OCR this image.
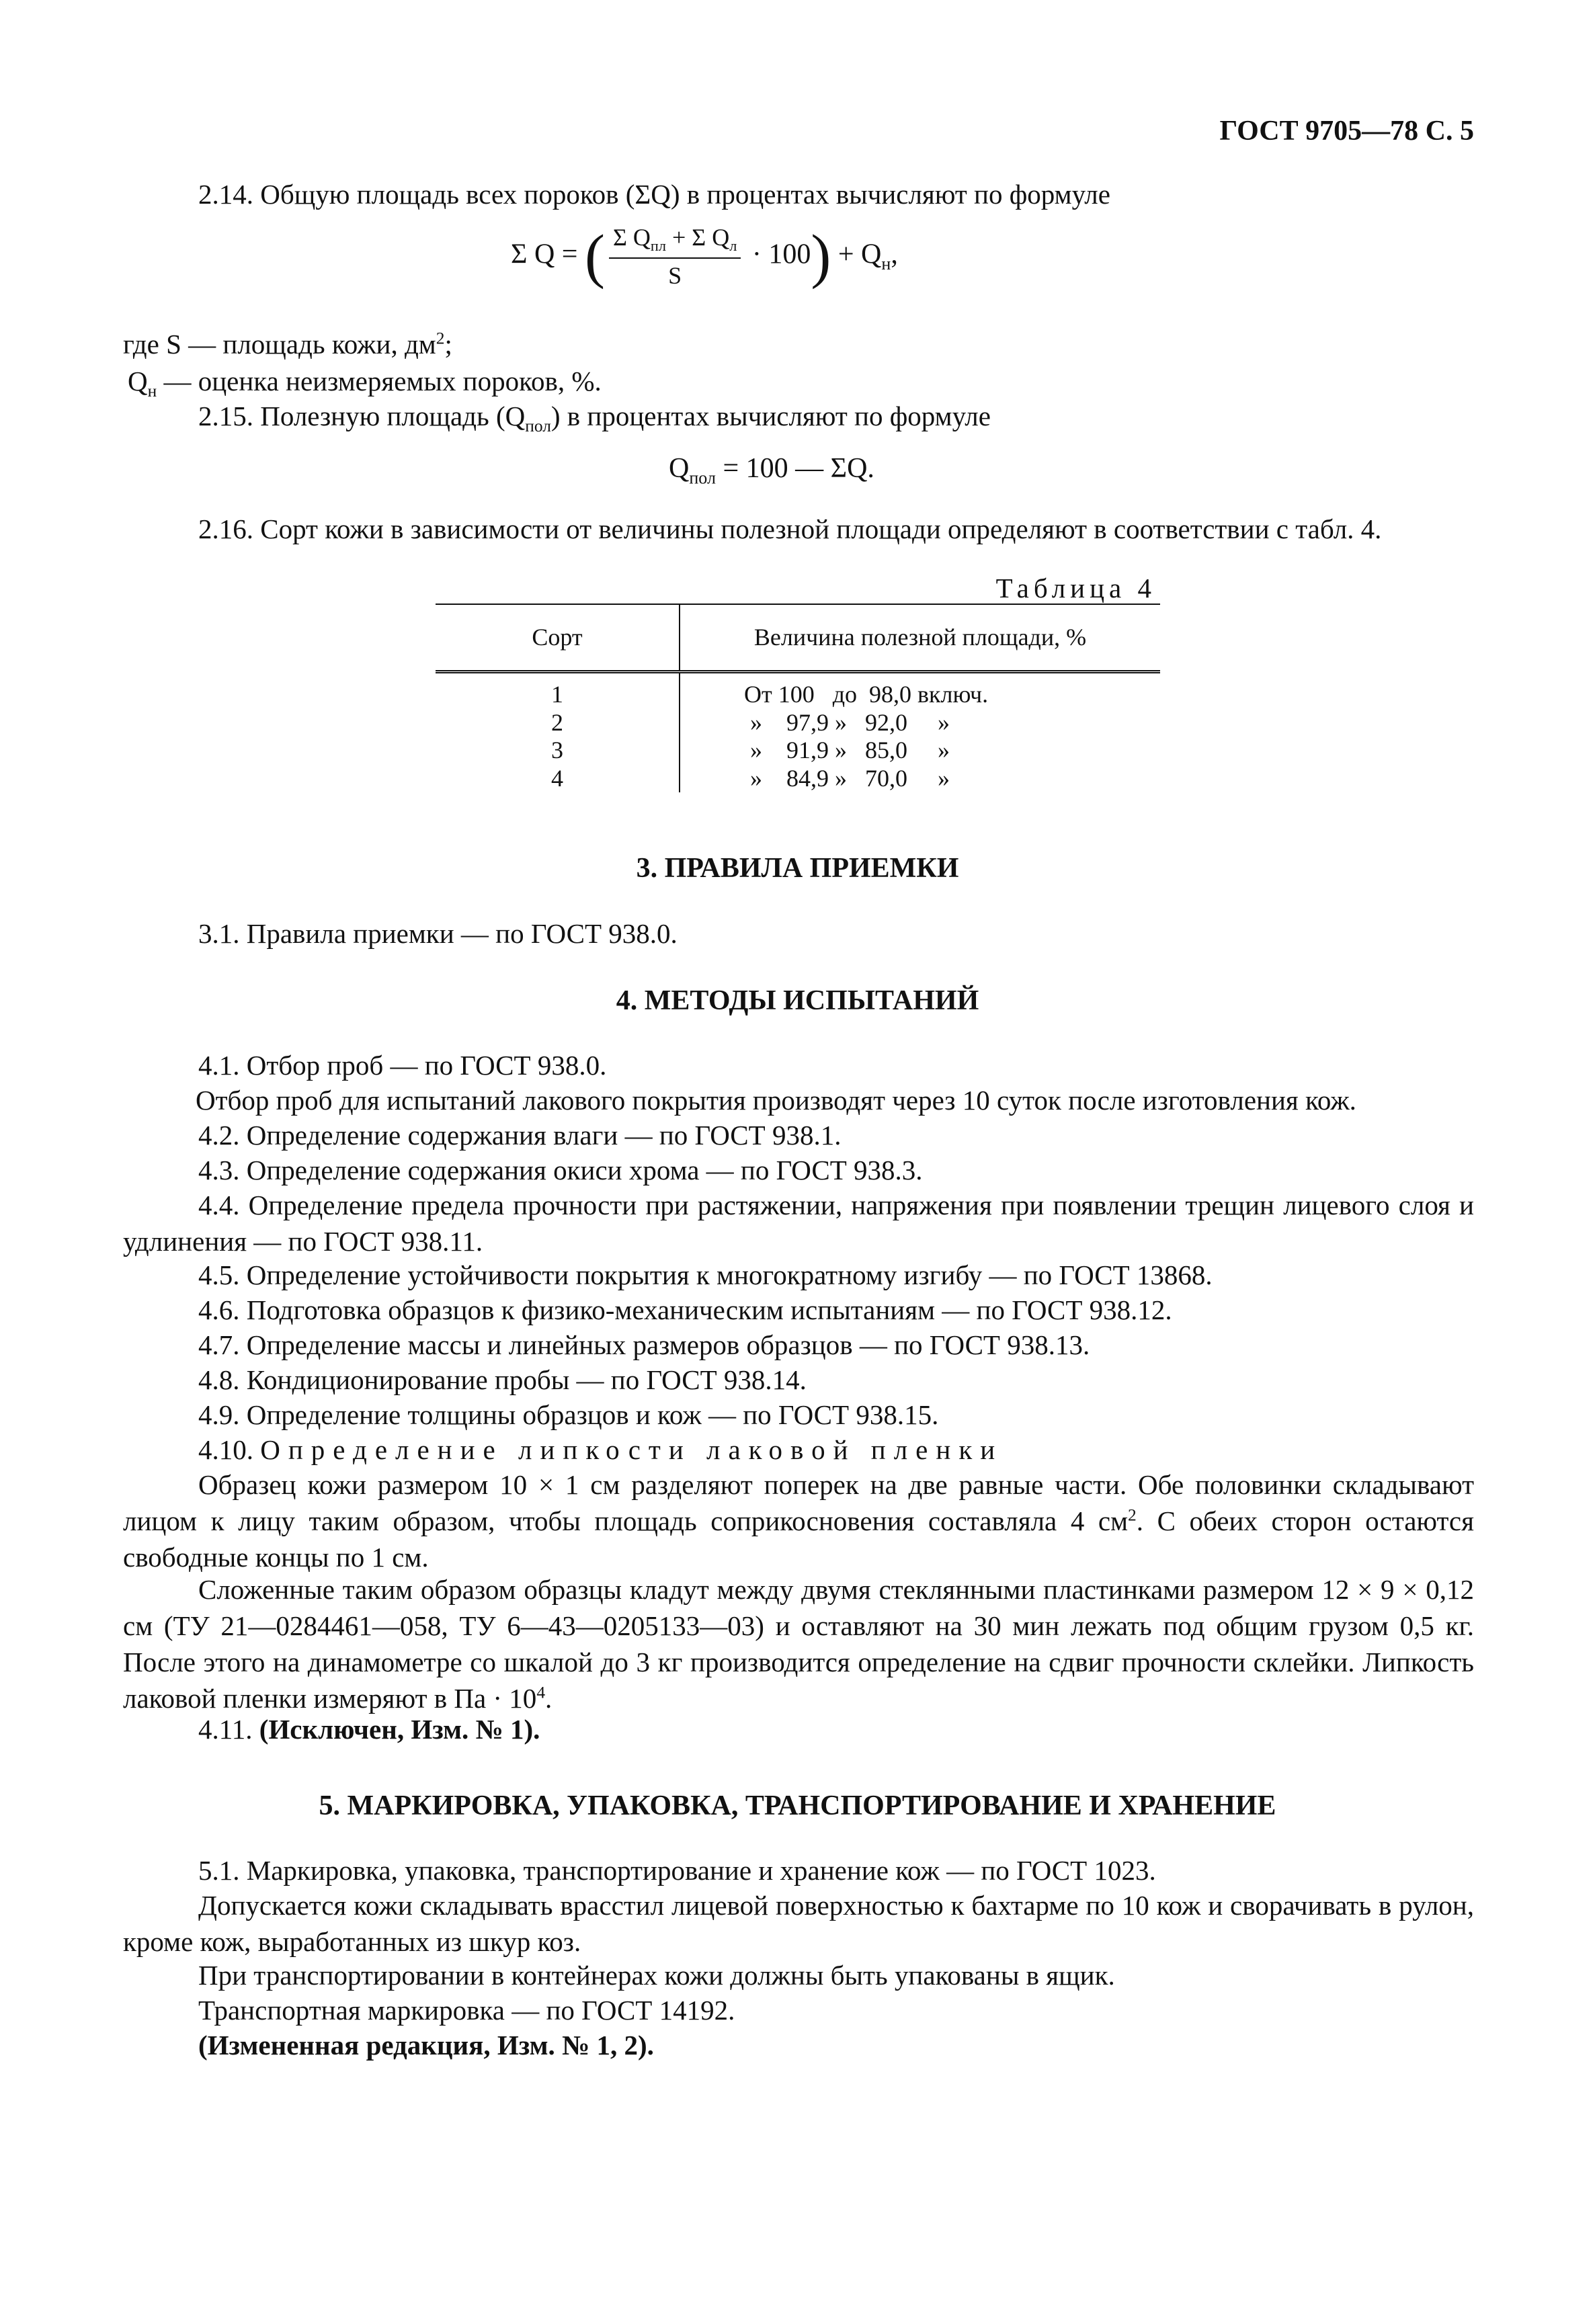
ГОСТ 9705—78 С. 5
2.14. Общую площадь всех пороков (ΣQ) в процентах вычисляют по формуле
Σ Q = ( $\frac{\Sigma Q_{пл} + \Sigma Q_л}{S} \cdot 100) + Q_н$,
где S — площадь кожи, $дм^2$;
$Q_н$ — оценка неизмеряемых пороков, %.
2.15. Полезную площадь $(Q_{пол})$ в процентах вычисляют по формуле
$Q_{пол} = 100$ — ΣQ.
2.16. Сорт кожи в зависимости от величины полезной площади определяют в соответствии с табл. 4.
Таблица 4
Сорт	Величина полезной площади, %
1	От 100   до  98,0 включ.
2	»    97,9 »   92,0     »
3	»    91,9 »   85,0     »
4	»    84,9 »   70,0     »
3. ПРАВИЛА ПРИЕМКИ
3.1. Правила приемки — по ГОСТ 938.0.
4. МЕТОДЫ ИСПЫТАНИЙ
4.1. Отбор проб — по ГОСТ 938.0.
Отбор проб для испытаний лакового покрытия производят через 10 суток после изготовления кож.
4.2. Определение содержания влаги — по ГОСТ 938.1.
4.3. Определение содержания окиси хрома — по ГОСТ 938.3.
4.4. Определение предела прочности при растяжении, напряжения при появлении трещин лицевого слоя и удлинения — по ГОСТ 938.11.
4.5. Определение устойчивости покрытия к многократному изгибу — по ГОСТ 13868.
4.6. Подготовка образцов к физико-механическим испытаниям — по ГОСТ 938.12.
4.7. Определение массы и линейных размеров образцов — по ГОСТ 938.13.
4.8. Кондиционирование пробы — по ГОСТ 938.14.
4.9. Определение толщины образцов и кож — по ГОСТ 938.15.
4.10. Определение липкости лаковой пленки
Образец кожи размером 10 × 1 см разделяют поперек на две равные части. Обе половинки складывают лицом к лицу таким образом, чтобы площадь соприкосновения составляла 4 $см^2$. С обеих сторон остаются свободные концы по 1 см.
Сложенные таким образом образцы кладут между двумя стеклянными пластинками размером 12 × 9 × 0,12 см (ТУ 21—0284461—058, ТУ 6—43—0205133—03) и оставляют на 30 мин лежать под общим грузом 0,5 кг. После этого на динамометре со шкалой до 3 кг производится определение на сдвиг прочности склейки. Липкость лаковой пленки измеряют в Па · $10^4$.
4.11. (Исключен, Изм. № 1).
5. МАРКИРОВКА, УПАКОВКА, ТРАНСПОРТИРОВАНИЕ И ХРАНЕНИЕ
5.1. Маркировка, упаковка, транспортирование и хранение кож — по ГОСТ 1023.
Допускается кожи складывать врасстил лицевой поверхностью к бахтарме по 10 кож и сворачивать в рулон, кроме кож, выработанных из шкур коз.
При транспортировании в контейнерах кожи должны быть упакованы в ящик.
Транспортная маркировка — по ГОСТ 14192.
(Измененная редакция, Изм. № 1, 2).
